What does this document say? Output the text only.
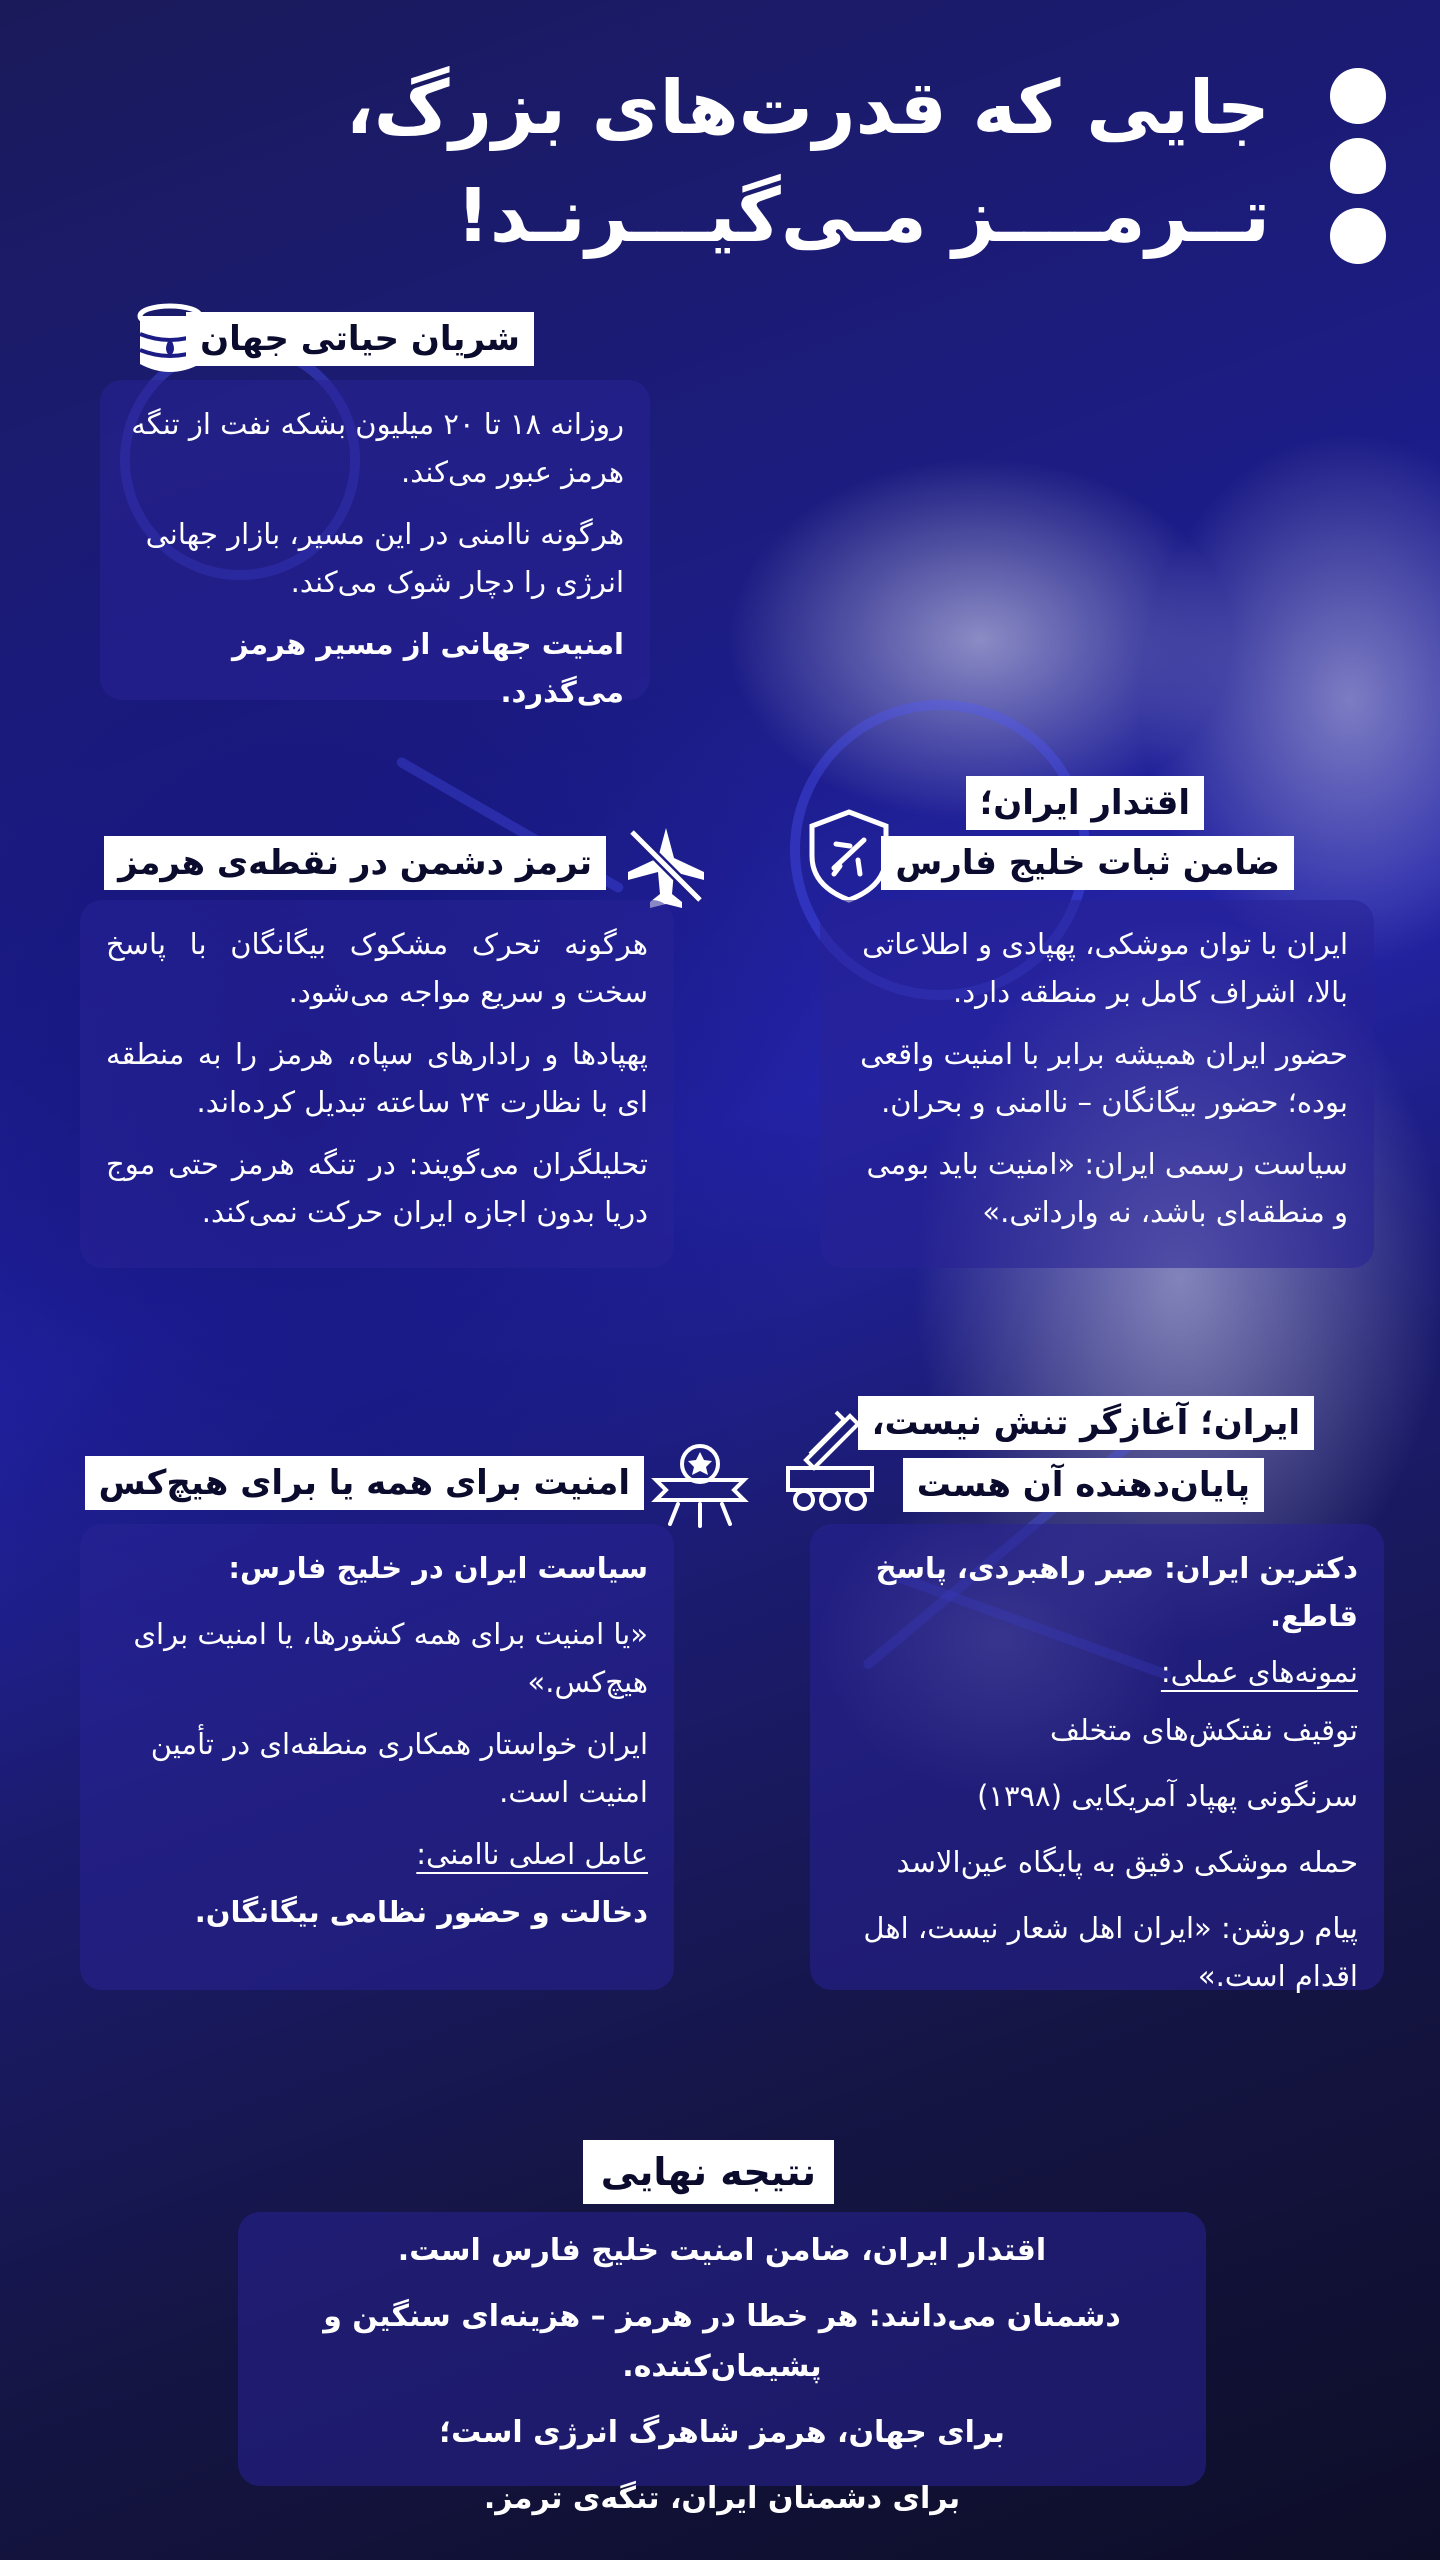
جایی که قدرت‌های بزرگ،
تــرمــــز مـی‌گیـــرنـد!
شریان حیاتی جهان

روزانه ۱۸ تا ۲۰ میلیون بشکه نفت از تنگه هرمز عبور می‌کند.

هرگونه ناامنی در این مسیر، بازار جهانی انرژی را دچار شوک می‌کند.

امنیت جهانی از مسیر هرمز می‌گذرد.

اقتدار ایران؛
ضامن ثبات خلیج فارس

ایران با توان موشکی، پهپادی و اطلاعاتی بالا، اشراف کامل بر منطقه دارد.

حضور ایران همیشه برابر با امنیت واقعی بوده؛ حضور بیگانگان – ناامنی و بحران.

سیاست رسمی ایران: «امنیت باید بومی و منطقه‌ای باشد، نه وارداتی.»

ترمز دشمن در نقطه‌ی هرمز

هرگونه تحرک مشکوک بیگانگان با پاسخ سخت و سریع مواجه می‌شود.

پهپادها و رادارهای سپاه، هرمز را به منطقه ای با نظارت ۲۴ ساعته تبدیل کرده‌اند.

تحلیلگران می‌گویند: در تنگه هرمز حتی موج دریا بدون اجازه ایران حرکت نمی‌کند.

ایران؛ آغازگر تنش نیست،
پایان‌دهنده آن هست

دکترین ایران: صبر راهبردی، پاسخ قاطع.

نمونه‌های عملی:

توقیف نفتکش‌های متخلف

سرنگونی پهپاد آمریکایی (۱۳۹۸)

حمله موشکی دقیق به پایگاه عین‌الاسد

پیام روشن: «ایران اهل شعار نیست، اهل اقدام است.»

امنیت برای همه یا برای هیچ‌کس

سیاست ایران در خلیج فارس:

«یا امنیت برای همه کشورها، یا امنیت برای هیچ‌کس.»

ایران خواستار همکاری منطقه‌ای در تأمین امنیت است.

عامل اصلی ناامنی:

دخالت و حضور نظامی بیگانگان.

نتیجه نهایی

اقتدار ایران، ضامن امنیت خلیج فارس است.

دشمنان می‌دانند: هر خطا در هرمز – هزینه‌ای سنگین و پشیمان‌کننده.

برای جهان، هرمز شاهرگ انرژی است؛

برای دشمنان ایران، تنگه‌ی ترمز.
